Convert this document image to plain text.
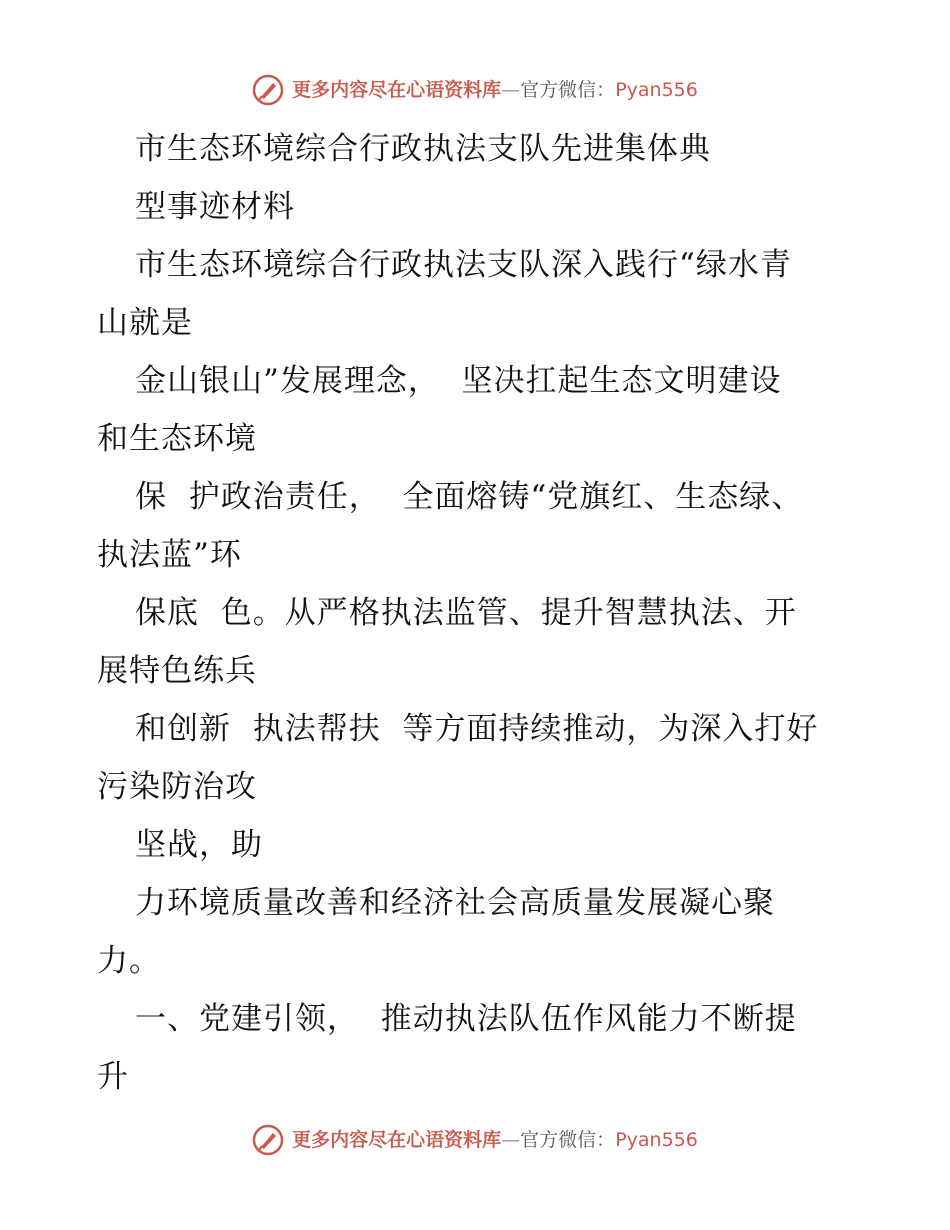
更多内容尽在心语资料库—官方微信：Pyan556
市生态环境综合行政执法支队先进集体典
型事迹材料
市生态环境综合行政执法支队深入践行“绿水青
山就是
金山银山”发展理念，  坚决扛起生态文明建设
和生态环境
保  护政治责任，  全面熔铸“党旗红、生态绿、
执法蓝”环
保底  色。从严格执法监管、提升智慧执法、开
展特色练兵
和创新  执法帮扶  等方面持续推动，为深入打好
污染防治攻
坚战，助
力环境质量改善和经济社会高质量发展凝心聚
力。
一、党建引领，  推动执法队伍作风能力不断提
升
更多内容尽在心语资料库—官方微信：Pyan556
